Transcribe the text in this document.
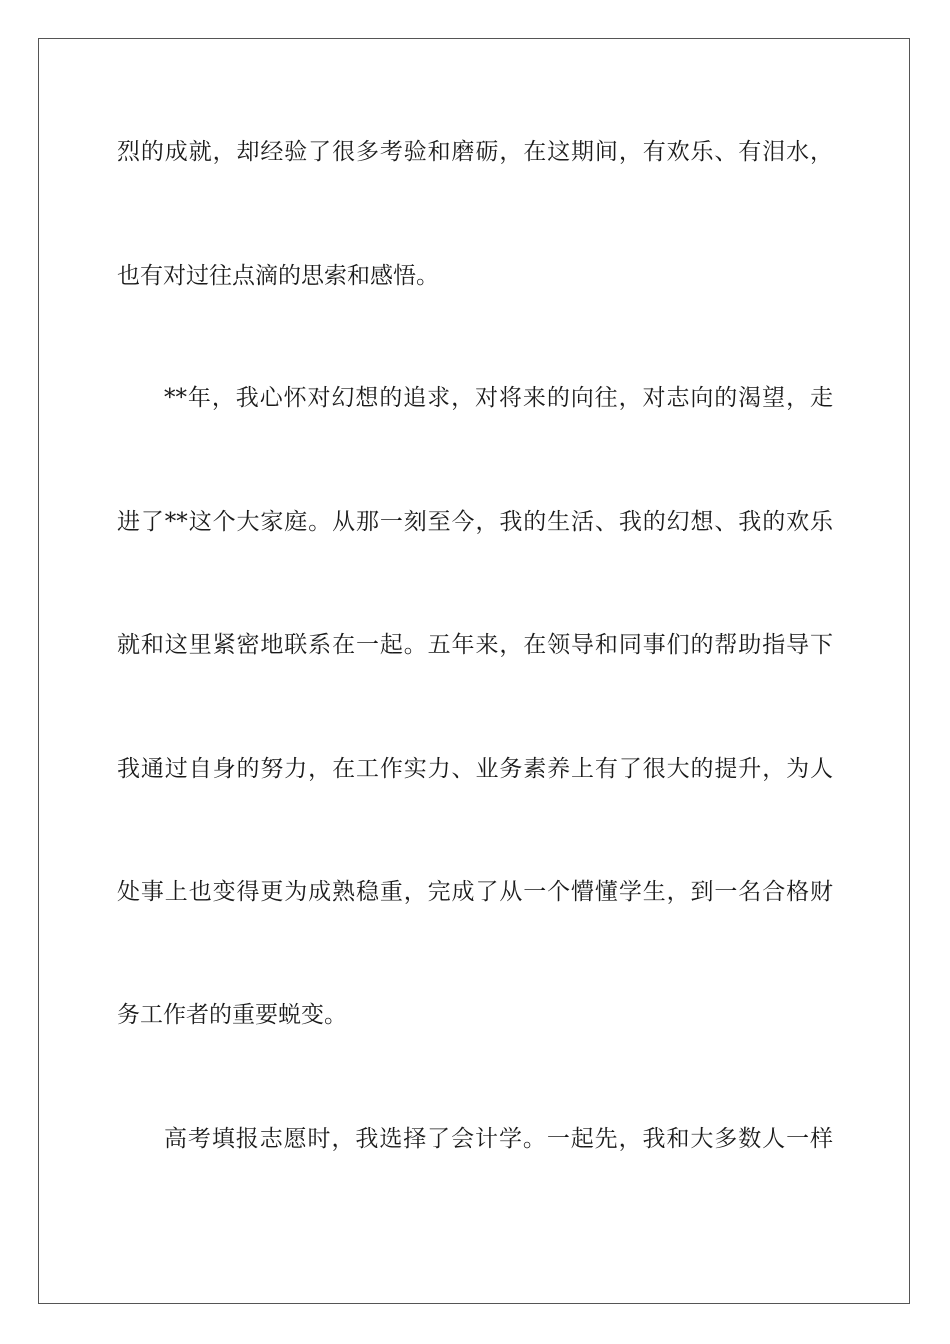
烈的成就，却经验了很多考验和磨砺，在这期间，有欢乐、有泪水，

也有对过往点滴的思索和感悟。

**年，我心怀对幻想的追求，对将来的向往，对志向的渴望，走

进了**这个大家庭。从那一刻至今，我的生活、我的幻想、我的欢乐

就和这里紧密地联系在一起。五年来，在领导和同事们的帮助指导下

我通过自身的努力，在工作实力、业务素养上有了很大的提升，为人

处事上也变得更为成熟稳重，完成了从一个懵懂学生，到一名合格财

务工作者的重要蜕变。

高考填报志愿时，我选择了会计学。一起先，我和大多数人一样
